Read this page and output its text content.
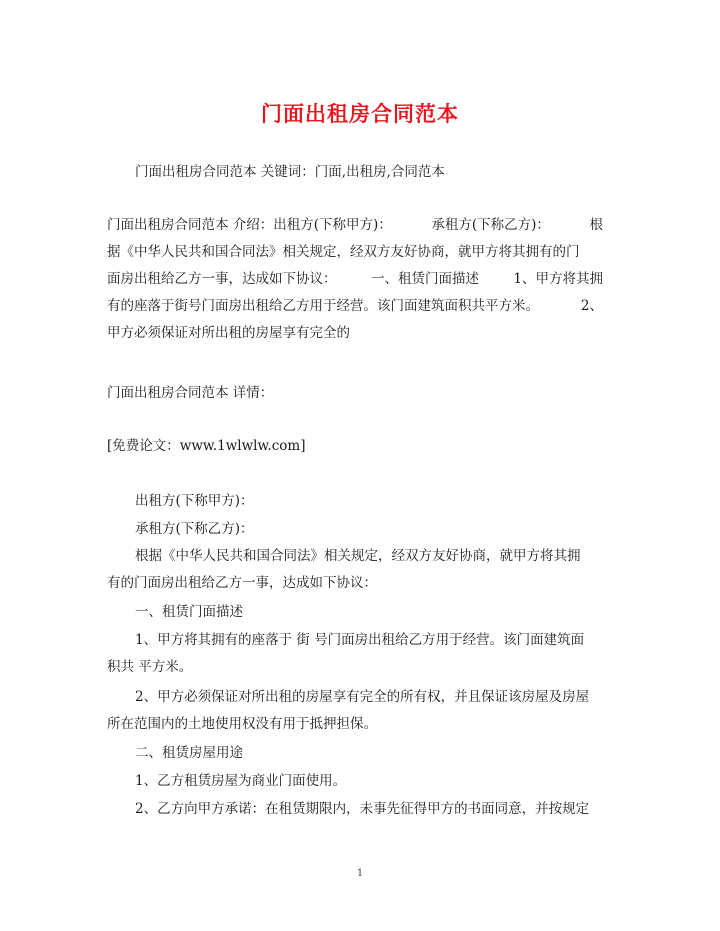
门面出租房合同范本

门面出租房合同范本 关键词：门面,出租房,合同范本

门面出租房合同范本 介绍：出租方(下称甲方)：	承租方(下称乙方)：	根
据《中华人民共和国合同法》相关规定，经双方友好协商，就甲方将其拥有的门
面房出租给乙方一事，达成如下协议：	一、租赁门面描述	1、甲方将其拥
有的座落于街号门面房出租给乙方用于经营。该门面建筑面积共平方米。	2、
甲方必须保证对所出租的房屋享有完全的

门面出租房合同范本 详情：

[免费论文：www.1wlwlw.com]

出租方(下称甲方)：

承租方(下称乙方)：

根据《中华人民共和国合同法》相关规定，经双方友好协商，就甲方将其拥
有的门面房出租给乙方一事，达成如下协议：

一、租赁门面描述

1、甲方将其拥有的座落于 街 号门面房出租给乙方用于经营。该门面建筑面
积共 平方米。
2、甲方必须保证对所出租的房屋享有完全的所有权，并且保证该房屋及房屋
所在范围内的土地使用权没有用于抵押担保。

二、租赁房屋用途

1、乙方租赁房屋为商业门面使用。

2、乙方向甲方承诺：在租赁期限内，未事先征得甲方的书面同意，并按规定

1
